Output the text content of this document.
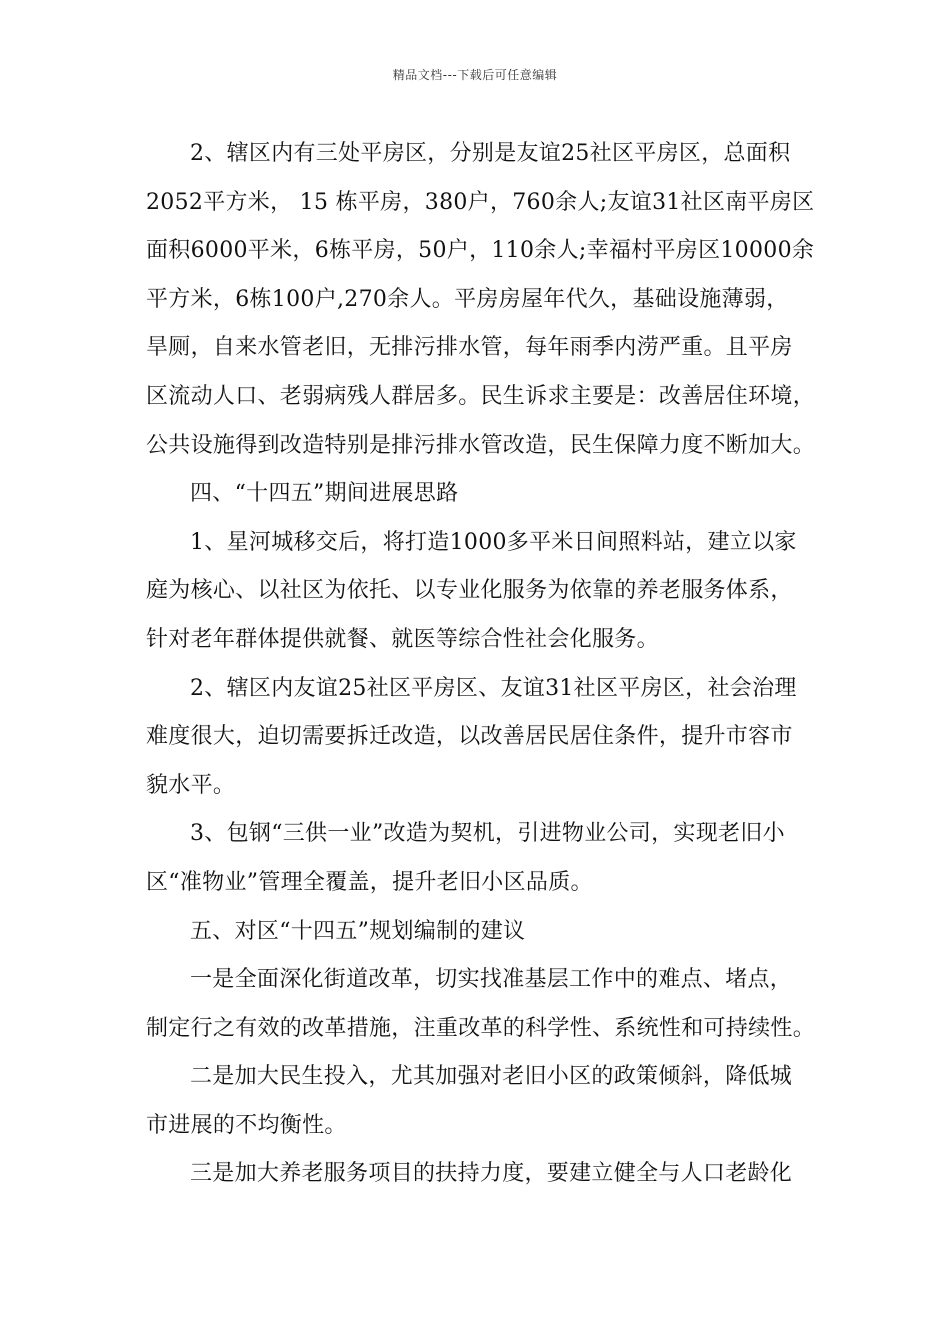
精品文档---下载后可任意编辑
2、辖区内有三处平房区，分别是友谊25社区平房区，总面积
2052平方米， 15 栋平房，380户，760余人;友谊31社区南平房区
面积6000平米，6栋平房，50户，110余人;幸福村平房区10000余
平方米，6栋100户,270余人。平房房屋年代久，基础设施薄弱，
旱厕，自来水管老旧，无排污排水管，每年雨季内涝严重。且平房
区流动人口、老弱病残人群居多。民生诉求主要是：改善居住环境，
公共设施得到改造特别是排污排水管改造，民生保障力度不断加大。
四、“十四五”期间进展思路
1、星河城移交后，将打造1000多平米日间照料站，建立以家
庭为核心、以社区为依托、以专业化服务为依靠的养老服务体系，
针对老年群体提供就餐、就医等综合性社会化服务。
2、辖区内友谊25社区平房区、友谊31社区平房区，社会治理
难度很大，迫切需要拆迁改造，以改善居民居住条件，提升市容市
貌水平。
3、包钢“三供一业”改造为契机，引进物业公司，实现老旧小
区“准物业”管理全覆盖，提升老旧小区品质。
五、对区“十四五”规划编制的建议
一是全面深化街道改革，切实找准基层工作中的难点、堵点，
制定行之有效的改革措施，注重改革的科学性、系统性和可持续性。
二是加大民生投入，尤其加强对老旧小区的政策倾斜，降低城
市进展的不均衡性。
三是加大养老服务项目的扶持力度，要建立健全与人口老龄化
